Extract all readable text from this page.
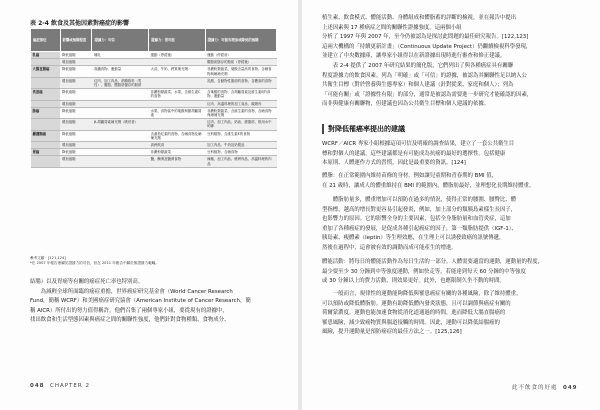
表 2-4 飲食及其他因素對癌症的影響
癌症部位	影響或風險程度	證據力：可信	證據力：很可能	證據力：可能有增加或降低的風險
乳癌	降低風險	哺乳	運動（停經後）	運動（停經前）
	增加風險			體脂肪儲存的脂肪（停經後）
大腸直腸癌	降低風險	高纖食物、運動量	大蒜、牛奶、鈣質補充劑	非澱粉類蔬菜、葉酸含量高的食物、含硒食物與硒補充劑
	增加風險	紅肉、加工肉品、酒精飲料（男性）、腹脂、體脂肪儲存的脂肪		乳酪、含動物性脂肪的食物、含糖高的食物
食道癌	降低風險		非澱粉類蔬菜、水果、含維生素C的食物	含葉酸的食物、含胡蘿蔔素及維生素E的食物、運動量
	增加風險			紅肉、高溫料理的加工食品、碳燒肉
肺癌	降低風險		水果、食物當中的葉酸與類胡蘿蔔素	非澱粉類蔬菜、含維生素的食物、含硒食物與硒補充劑
	增加風險	β-胡蘿蔔素補充劑（吸菸者）		紅肉、加工肉品、奶油、總脂肪、飲用水中的砷
攝護腺癌	降低風險		含番茄紅素的食物、含硒食物及硒補充劑	豆科植物、含維生素E的食物
	增加風險		高鈣飲食	加工肉品、牛奶及奶製品
胃癌	降低風險		非澱粉類蔬菜	豆科植物、含硒食物
	增加風險		鹽、醃漬及鹽漬食物	辣椒、加工肉品、燒烤肉品、高溫料理的肉品
參考文獻：[121,124]
*在 2007 年報告裡屬於證據力的可信，但在 2011 年報告中屬於無證據力範疇。
結腸）以及胃癌等有關的癌症死亡率也特別高。
　　為減輕全球所面臨的癌症重擔，世界癌症研究基金會（World Cancer Research
Fund，簡稱 WCRF）和美國癌症研究協會（American Institute of Cancer Research，簡
稱 AICR）所付出的努力值得稱許。他們召集了兩個專家小組，要從現有的證據中，
找出飲食和生活型態因素與癌症之間的關聯性強度，他們針對食物種類、食物成分、
048 CHAPTER 2
植生素、飲食模式、體能活動、身體組成和體脂蓄的評斷的檢視，並在報告中提出
上述因素與 17 種癌症之間的關聯性證據強度。這兩個小組
分析了 1997 年與 2007 年，至今仍被認為是探討此問題的最佳研究報告。[122,123]
這兩大機構的「持續更新計畫」（Continuous Update Project）仍繼續檢視科學發現，
並建立了中央數據庫，讓專家小組得以在新證據出現時進行審查和修正建議。
　　表 2-4 提供了 2007 年研究結果的簡化版，它們列出了與各種癌症具有關聯
程度證據力的飲食因素。列為「明確」或「可信」的證據，被認為其關聯性足以納入公
共衛生目標（對於營養與生態專家）和個人建議（針對從業、家庭和個人）；列為
「可能有關」或「證據性有限」的部分，通常是被認為需要進一步研究才能確認的因素，
而非與健康有關聯物，但建議也因為公共衛生目標和個人建議的依據。
對降低罹癌率提出的建議
WCRF／AICR 專家小組根據這項可信及明確的調查結果，建立了一套公共衛生目
標和對個人的建議，這些建議都是有可能成為抗癌的最好的選擇性。包括健康
本原則、人體運作方式的習慣，因此是最重要的資訊。[124]
體脂：在正常範圍內維持苗條的身材，例如讓兒童期和青春期的 BMI 值，
在 21 歲時，讓成人的體重維持在 BMI 的範圍內，體脂肪最好，並理想化長期維持體重。
　　體脂肪量多，體重增加可以預防在過多的情況，使得正常的腰圍、腰臀比、體
型指標，越高的增長對更容易引起發炎，例如，加上部分的類胰島素樣生長因子，
也影響力的原因。它的影響全身的主要因素，包括全身脂肪量和血管炎症，這加
重加了各種癌症的發展，是促成各種引起癌症的因子，第一類脂肪提供（IGF-1）、
胰島素、瘦體素（leptin）等生理效應，在生理上可以誘發致癌的訊號傳遞，
然後在過程中，這會被有效的調動而成可能產生的增進。
體能活動：將每日的體能活動作為每日生活的一部分。人體需要適當的運動，運動量的程度，
最少要至少 30 分鐘到中等強度運動，例如快走等，若能達到每天 60 分鐘的中等強度
或 30 分鐘以上的費力活動，則效果更好。此外，也應限制久坐不動的時間。
　　一般而言，規律性的運動能夠降低與罹患癌症有關的各種風險，除了維持體重，
可以預防或降低體脂肪。運動有助降低體內發炎狀態，且可以調節與癌症有關的
荷爾蒙濃度。運動也能加速食物從消化道通過的時間，進而降低大腸直腸癌的
罹患風險，減少致癌物質與腸道接觸的時間。因此，運動可以降低結腸癌的
風險，提升運動量是預防癌症的最佳方法之一。[125,126]
此不飲食的好處 049
